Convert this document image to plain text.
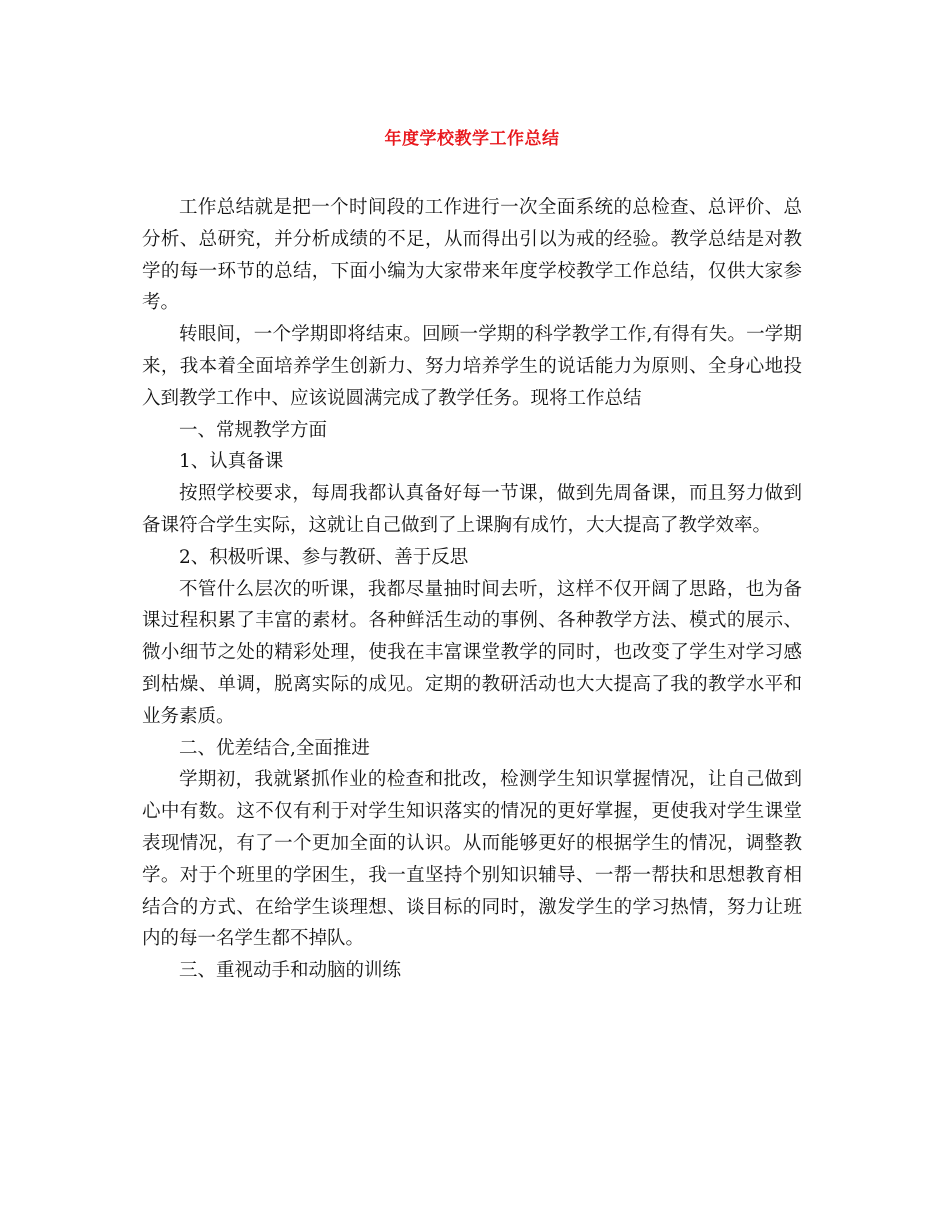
年度学校教学工作总结

工作总结就是把一个时间段的工作进行一次全面系统的总检查、总评价、总分析、总研究，并分析成绩的不足，从而得出引以为戒的经验。教学总结是对教学的每一环节的总结，下面小编为大家带来年度学校教学工作总结，仅供大家参考。

转眼间，一个学期即将结束。回顾一学期的科学教学工作,有得有失。一学期来，我本着全面培养学生创新力、努力培养学生的说话能力为原则、全身心地投入到教学工作中、应该说圆满完成了教学任务。现将工作总结

一、常规教学方面

1、认真备课

按照学校要求，每周我都认真备好每一节课，做到先周备课，而且努力做到备课符合学生实际，这就让自己做到了上课胸有成竹，大大提高了教学效率。

2、积极听课、参与教研、善于反思

不管什么层次的听课，我都尽量抽时间去听，这样不仅开阔了思路，也为备课过程积累了丰富的素材。各种鲜活生动的事例、各种教学方法、模式的展示、微小细节之处的精彩处理，使我在丰富课堂教学的同时，也改变了学生对学习感到枯燥、单调，脱离实际的成见。定期的教研活动也大大提高了我的教学水平和业务素质。

二、优差结合,全面推进

学期初，我就紧抓作业的检查和批改，检测学生知识掌握情况，让自己做到心中有数。这不仅有利于对学生知识落实的情况的更好掌握，更使我对学生课堂表现情况，有了一个更加全面的认识。从而能够更好的根据学生的情况，调整教学。对于个班里的学困生，我一直坚持个别知识辅导、一帮一帮扶和思想教育相结合的方式、在给学生谈理想、谈目标的同时，激发学生的学习热情，努力让班内的每一名学生都不掉队。

三、重视动手和动脑的训练
